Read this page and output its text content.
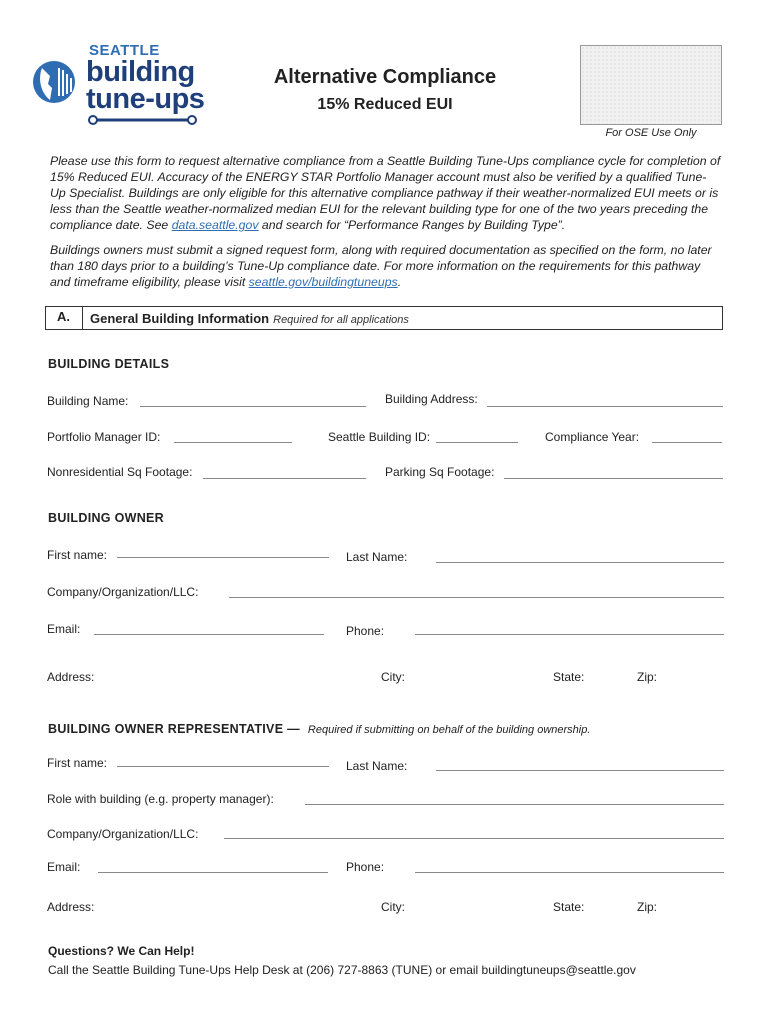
SEATTLE
building
tune-ups
Alternative Compliance
15% Reduced EUI
For OSE Use Only
Please use this form to request alternative compliance from a Seattle Building Tune-Ups compliance cycle for completion of 15% Reduced EUI. Accuracy of the ENERGY STAR Portfolio Manager account must also be verified by a qualified Tune-Up Specialist. Buildings are only eligible for this alternative compliance pathway if their weather-normalized EUI meets or is less than the Seattle weather-normalized median EUI for the relevant building type for one of the two years preceding the compliance date. See data.seattle.gov and search for “Performance Ranges by Building Type”.
Buildings owners must submit a signed request form, along with required documentation as specified on the form, no later than 180 days prior to a building’s Tune-Up compliance date. For more information on the requirements for this pathway and timeframe eligibility, please visit seattle.gov/buildingtuneups.
A.	General Building Information Required for all applications
BUILDING DETAILS
Building Name:	Building Address:
Portfolio Manager ID:	Seattle Building ID:	Compliance Year:
Nonresidential Sq Footage:	Parking Sq Footage:
BUILDING OWNER
First name:	Last Name:
Company/Organization/LLC:
Email:	Phone:
Address:	City:	State:	Zip:
BUILDING OWNER REPRESENTATIVE — Required if submitting on behalf of the building ownership.
First name:	Last Name:
Role with building (e.g. property manager):
Company/Organization/LLC:
Email:	Phone:
Address:	City:	State:	Zip:
Questions? We Can Help!
Call the Seattle Building Tune-Ups Help Desk at (206) 727-8863 (TUNE) or email buildingtuneups@seattle.gov
